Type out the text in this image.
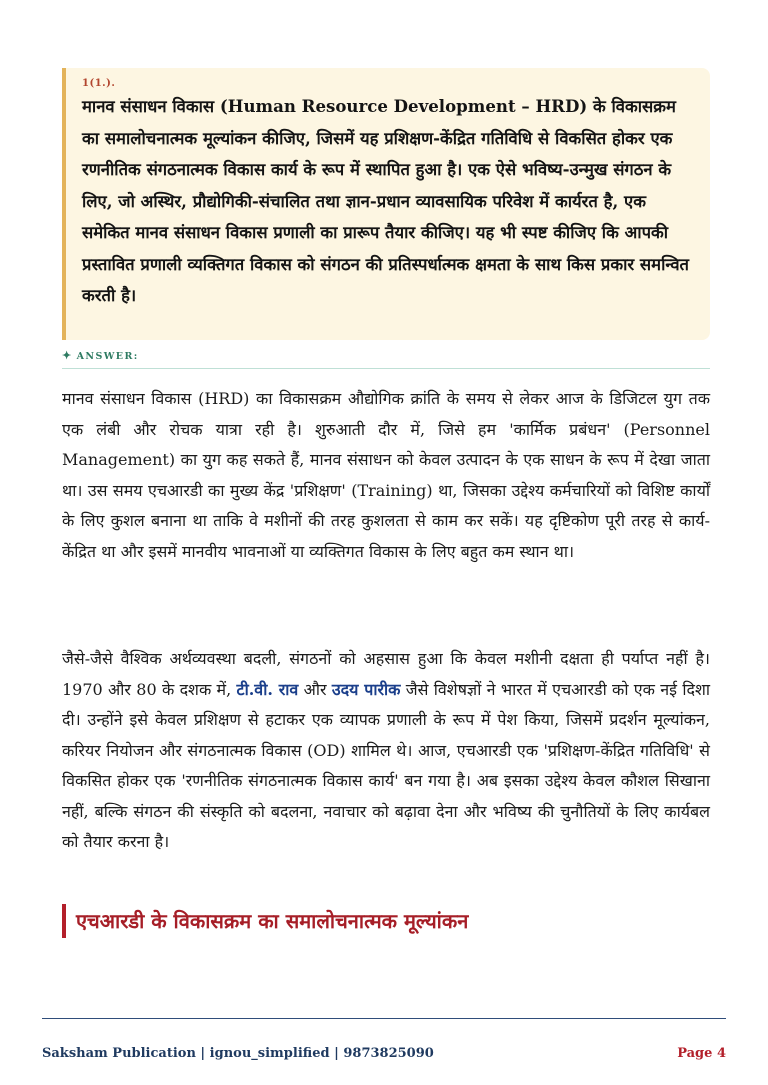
1(1.).

मानव संसाधन विकास (Human Resource Development – HRD) के विकासक्रम का समालोचनात्मक मूल्यांकन कीजिए, जिसमें यह प्रशिक्षण-केंद्रित गतिविधि से विकसित होकर एक रणनीतिक संगठनात्मक विकास कार्य के रूप में स्थापित हुआ है। एक ऐसे भविष्य-उन्मुख संगठन के लिए, जो अस्थिर, प्रौद्योगिकी-संचालित तथा ज्ञान-प्रधान व्यावसायिक परिवेश में कार्यरत है, एक समेकित मानव संसाधन विकास प्रणाली का प्रारूप तैयार कीजिए। यह भी स्पष्ट कीजिए कि आपकी प्रस्तावित प्रणाली व्यक्तिगत विकास को संगठन की प्रतिस्पर्धात्मक क्षमता के साथ किस प्रकार समन्वित करती है।

✦ ANSWER:

मानव संसाधन विकास (HRD) का विकासक्रम औद्योगिक क्रांति के समय से लेकर आज के डिजिटल युग तक एक लंबी और रोचक यात्रा रही है। शुरुआती दौर में, जिसे हम 'कार्मिक प्रबंधन' (Personnel Management) का युग कह सकते हैं, मानव संसाधन को केवल उत्पादन के एक साधन के रूप में देखा जाता था। उस समय एचआरडी का मुख्य केंद्र 'प्रशिक्षण' (Training) था, जिसका उद्देश्य कर्मचारियों को विशिष्ट कार्यों के लिए कुशल बनाना था ताकि वे मशीनों की तरह कुशलता से काम कर सकें। यह दृष्टिकोण पूरी तरह से कार्य-केंद्रित था और इसमें मानवीय भावनाओं या व्यक्तिगत विकास के लिए बहुत कम स्थान था।

जैसे-जैसे वैश्विक अर्थव्यवस्था बदली, संगठनों को अहसास हुआ कि केवल मशीनी दक्षता ही पर्याप्त नहीं है। 1970 और 80 के दशक में, टी.वी. राव और उदय पारीक जैसे विशेषज्ञों ने भारत में एचआरडी को एक नई दिशा दी। उन्होंने इसे केवल प्रशिक्षण से हटाकर एक व्यापक प्रणाली के रूप में पेश किया, जिसमें प्रदर्शन मूल्यांकन, करियर नियोजन और संगठनात्मक विकास (OD) शामिल थे। आज, एचआरडी एक 'प्रशिक्षण-केंद्रित गतिविधि' से विकसित होकर एक 'रणनीतिक संगठनात्मक विकास कार्य' बन गया है। अब इसका उद्देश्य केवल कौशल सिखाना नहीं, बल्कि संगठन की संस्कृति को बदलना, नवाचार को बढ़ावा देना और भविष्य की चुनौतियों के लिए कार्यबल को तैयार करना है।

एचआरडी के विकासक्रम का समालोचनात्मक मूल्यांकन
Saksham Publication | ignou_simplified | 9873825090	Page 4
